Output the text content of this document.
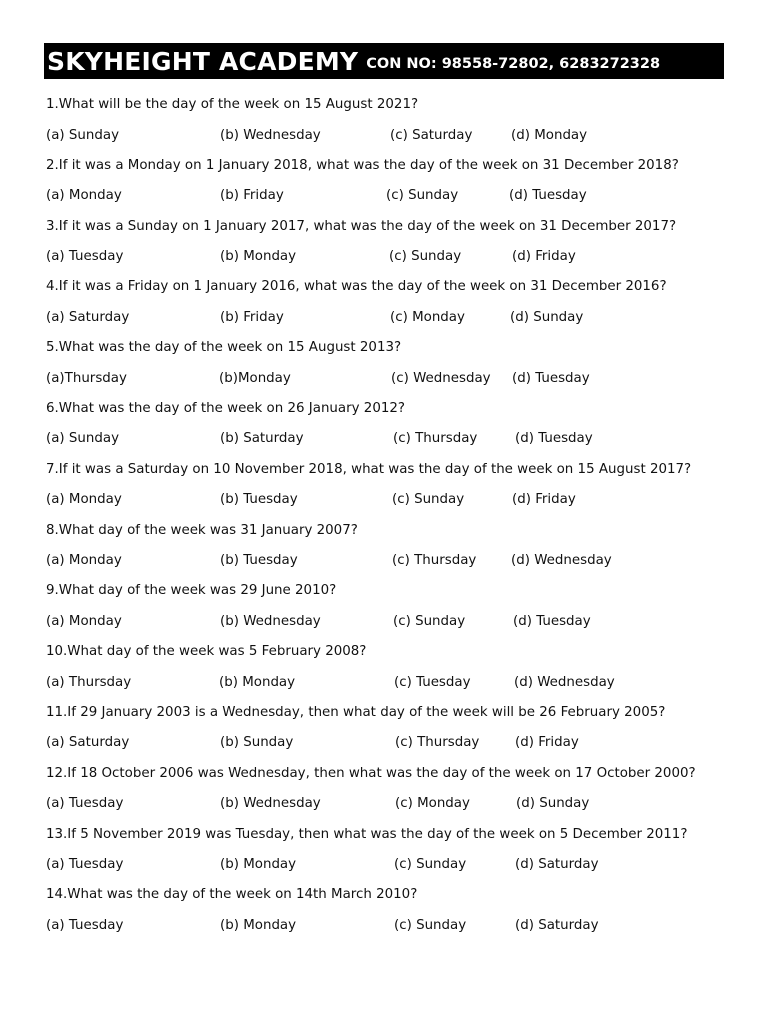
SKYHEIGHT ACADEMY CON NO: 98558-72802, 6283272328
1.What will be the day of the week on 15 August 2021?
(a) Sunday	(b) Wednesday	(c) Saturday	(d) Monday
2.If it was a Monday on 1 January 2018, what was the day of the week on 31 December 2018?
(a) Monday	(b) Friday	(c) Sunday	(d) Tuesday
3.If it was a Sunday on 1 January 2017, what was the day of the week on 31 December 2017?
(a) Tuesday	(b) Monday	(c) Sunday	(d) Friday
4.If it was a Friday on 1 January 2016, what was the day of the week on 31 December 2016?
(a) Saturday	(b) Friday	(c) Monday	(d) Sunday
5.What was the day of the week on 15 August 2013?
(a)Thursday	(b)Monday	(c) Wednesday (d) Tuesday
6.What was the day of the week on 26 January 2012?
(a) Sunday	(b) Saturday	(c) Thursday	(d) Tuesday
7.If it was a Saturday on 10 November 2018, what was the day of the week on 15 August 2017?
(a) Monday	(b) Tuesday	(c) Sunday	(d) Friday
8.What day of the week was 31 January 2007?
(a) Monday	(b) Tuesday	(c) Thursday	(d) Wednesday
9.What day of the week was 29 June 2010?
(a) Monday	(b) Wednesday	(c) Sunday	(d) Tuesday
10.What day of the week was 5 February 2008?
(a) Thursday	(b) Monday	(c) Tuesday	(d) Wednesday
11.If 29 January 2003 is a Wednesday, then what day of the week will be 26 February 2005?
(a) Saturday	(b) Sunday	(c) Thursday	(d) Friday
12.If 18 October 2006 was Wednesday, then what was the day of the week on 17 October 2000?
(a) Tuesday	(b) Wednesday	(c) Monday	(d) Sunday
13.If 5 November 2019 was Tuesday, then what was the day of the week on 5 December 2011?
(a) Tuesday	(b) Monday	(c) Sunday	(d) Saturday
14.What was the day of the week on 14th March 2010?
(a) Tuesday	(b) Monday	(c) Sunday	(d) Saturday
